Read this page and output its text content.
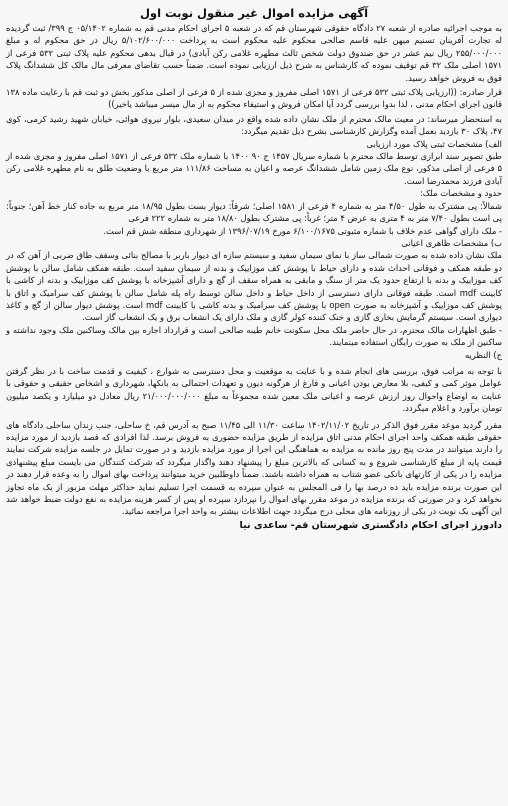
آگهی مزایده اموال غیر منقول نوبت اول

به موجب اجرائیه صادره از شعبه ۲۷ دادگاه حقوقی شهرستان قم که در شعبه ۵ اجرای احکام مدنی قم به شماره ۰۵/۱۴۰۲ ج ۳۹۹/ ثبت گردیده له تجارت آفرینان تسنیم میهن علیه قاسم صالحی محکوم علیه محکوم است به پرداخت ۵/۱۰۲/۶۰۰/۰۰۰ ریال در حق محکوم له و مبلغ ۲۵۵/۰۰۰/۰۰۰ ریال نیم عشر در حق صندوق دولت شخص ثالث مطهره غلامی رکن آبادی) در قبال بدهی محکوم علیه پلاک ثبتی ۵۳۲ فرعی از ۱۵۷۱ اصلی ملک ۳۲ قم توقیف نموده که کارشناس به شرح ذیل ارزیابی نموده است. ضمناً حسب تقاضای معرفی مال مالک کل ششدانگ پلاک فوق به فروش خواهد رسید.

قرار صادره: ((ارزیابی پلاک ثبتی ۵۳۲ فرعی از ۱۵۷۱ اصلی مفروز و مجزی شده از ۵ فرعی از اصلی مذکور بخش دو ثبت قم با رعایت ماده ۱۳۸ قانون اجرای احکام مدنی ، لذا بدوا بررسی گردد آیا امکان فروش و استیفاء محکوم به از مال میسر میباشد یاخیر))

به استحضار میرساند: در معیت مالک محترم از ملک نشان داده شده واقع در میدان سعیدی، بلوار نیروی هوائی، خیابان شهید رشید کرمی، کوی ۴۷، پلاک ۳۰ بازدید بعمل آمده وگزارش کارشناسی بشرح ذیل تقدیم میگردد:

الف) مشخصات ثبتی پلاک مورد ارزیابی

طبق تصویر سند ابرازی توسط مالک محترم با شماره سریال ۱۴۵۷ ج ۹۰ ۱۴۰۰ با شماره ملک ۵۳۲ فرعی از ۱۵۷۱ اصلی مفروز و مجزی شده از ۵ فرعی از اصلی مذکور، نوع ملک زمین شامل ششدانگ عرصه و اعیان به مساحت ۱۱۱/۸۶ متر مربع با وضعیت طلق به نام مطهره غلامی رکن آبادی فرزند محمدرضا است.

حدود و مشخصات ملک:

شمالاً: پی مشترک به طول ۴/۵۰ متر به شماره ۴ فرعی از ۱۵۸۱ اصلی؛ شرقاً: دیوار بست بطول ۱۸/۹۵ متر مربع به جاده کنار خط آهن؛ جنوباً: پی است بطول ۷/۴۰ متر به ۴ متری به عرض ۴ متر؛ غرباً: پی مشترک بطول ۱۸/۸۰ متر به شماره ۲۲۲ فرعی

- ملک دارای گواهی عدم خلاف با شماره مثبوتی ۶/۱۰۰/۱۶۷۵ مورخ ۱۳۹۶/۰۷/۱۹ از شهرداری منطقه شش قم است.

ب) مشخصات ظاهری اعیانی

ملک نشان داده شده به صورت شمالی ساز با نمای سیمان سفید و سیستم سازه ای دیوار باربر با مصالح بنائی وسقف طاق ضربی از آهن که در دو طبقه همکف و فوقانی احداث شده و دارای حیاط با پوشش کف موزاییک و بدنه از سیمان سفید است. طبقه همکف شامل سالن با پوشش کف موزاییک و بدنه با ارتفاع حدود یک متر از سنگ و مابقی به همراه سقف از گچ و دارای آشپزخانه با پوشش کف موزاییک و بدنه از کاشی با کابینت mdf است. طبقه فوقانی دارای دسترسی از داخل حیاط و داخل سالن توسط راه پله شامل سالن با پوشش کف سرامیک و اتاق با پوشش کف موزاییک و آشپزخانه به صورت open با پوشش کف سرامیک و بدنه کاشی با کابینت mdf است. پوشش دیوار سالن از گچ و کاغذ دیواری است. سیستم گرمایش بخاری گازی و خنک کننده کولر گازی و ملک دارای یک انشعاب برق و یک انشعاب گاز است.

- طبق اظهارات مالک محترم، در حال حاضر ملک محل سکونت خانم طیبه صالحی است و قرارداد اجاره بین مالک وساکنین ملک وجود نداشته و ساکنین از ملک به صورت رایگان استفاده مینمایند.

ج) النظریه

با توجه به مراتب فوق، بررسی های انجام شده و با عنایت به موقعیت و محل دسترسی به شوارع ، کیفیت و قدمت ساخت با در نظر گرفتن عوامل موثر کمی و کیفی، بلا معارض بودن اعیانی و فارغ از هرگونه دیون و تعهدات احتمالی به بانکها، شهرداری و اشخاص حقیقی و حقوقی با عنایت به اوضاع واحوال روز ارزش عرصه و اعیانی ملک معین شده مجموعاً به مبلغ ۲۱/۰۰۰/۰۰۰/۰۰۰ ریال معادل دو میلیارد و یکصد میلیون تومان برآورد و اعلام میگردد.

مقرر گردید موعد مقرر فوق الذکر در تاریخ ۱۴۰۲/۱۱/۰۲ ساعت ۱۱/۳۰ الی ۱۱/۴۵ صبح به آدرس قم، خ ساحلی، جنب زندان ساحلی دادگاه های حقوقی طبقه همکف واحد اجرای احکام مدنی اتاق مزایده از طریق مزایده حضوری به فروش برسد. لذا افرادی که قصد بازدید از مورد مزایده را دارند میتوانند در مدت پنج روز مانده به مزایده به هماهنگی این اجرا از مورد مزایده بازدید و در صورت تمایل در جلسه مزایده شرکت نمایند قیمت پایه از مبلغ کارشناسی شروع و به کسانی که بالاترین مبلغ را پیشنهاد دهند واگذار میگردد که شرکت کنندگان می بایست مبلغ پیشنهادی مزایده را در یکی از کارتهای بانکی عضو شتاب به همراه داشته باشند. ضمناً داوطلبین خرید میتوانند پرداخت بهای اموال را به وعده قرار دهند در این صورت برنده مزایده باید ده درصد بها را فی المجلس به عنوان سپرده به قسمت اجرا تسلیم نماید حداکثر مهلت مزبور از یک ماه تجاوز نخواهد کرد و در صورتی که برنده مزایده در موعد مقرر بهای اموال را نپردازد سپرده او پس از کسر هزینه مزایده به نفع دولت ضبط خواهد شد این آگهی یک نوبت در یکی از روزنامه های محلی درج میگردد جهت اطلاعات بیشتر به واحد اجرا مراجعه نمائید.

دادورز اجرای احکام دادگستری شهرستان قم- ساعدی نیا
